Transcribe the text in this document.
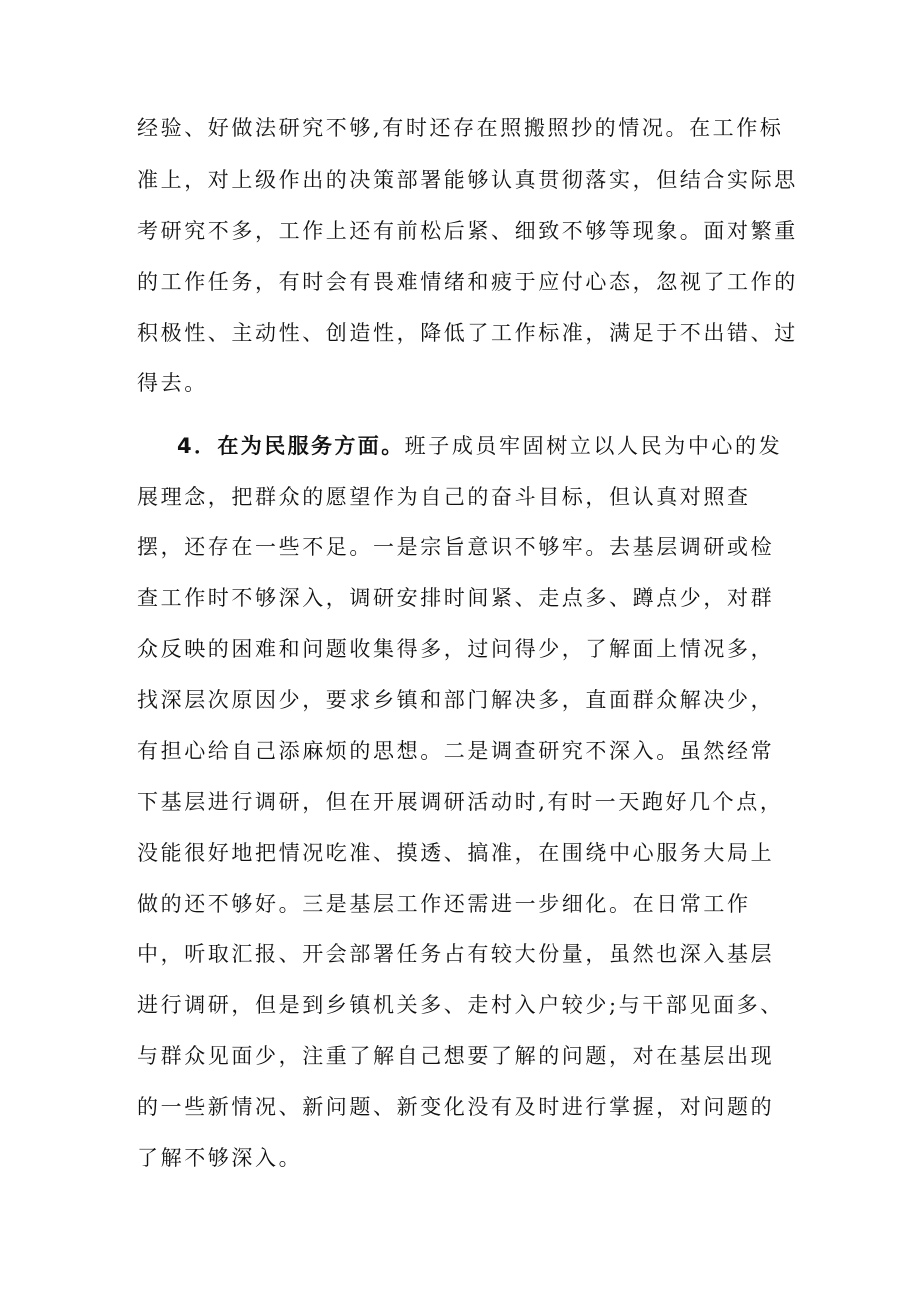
经验、好做法研究不够,有时还存在照搬照抄的情况。在工作标
准上，对上级作出的决策部署能够认真贯彻落实，但结合实际思
考研究不多，工作上还有前松后紧、细致不够等现象。面对繁重
的工作任务，有时会有畏难情绪和疲于应付心态，忽视了工作的
积极性、主动性、创造性，降低了工作标准，满足于不出错、过
得去。
4．在为民服务方面。班子成员牢固树立以人民为中心的发
展理念，把群众的愿望作为自己的奋斗目标，但认真对照查
摆，还存在一些不足。一是宗旨意识不够牢。去基层调研或检
查工作时不够深入，调研安排时间紧、走点多、蹲点少，对群
众反映的困难和问题收集得多，过问得少，了解面上情况多，
找深层次原因少，要求乡镇和部门解决多，直面群众解决少，
有担心给自己添麻烦的思想。二是调查研究不深入。虽然经常
下基层进行调研，但在开展调研活动时,有时一天跑好几个点，
没能很好地把情况吃准、摸透、搞准，在围绕中心服务大局上
做的还不够好。三是基层工作还需进一步细化。在日常工作
中，听取汇报、开会部署任务占有较大份量，虽然也深入基层
进行调研，但是到乡镇机关多、走村入户较少;与干部见面多、
与群众见面少，注重了解自己想要了解的问题，对在基层出现
的一些新情况、新问题、新变化没有及时进行掌握，对问题的
了解不够深入。
